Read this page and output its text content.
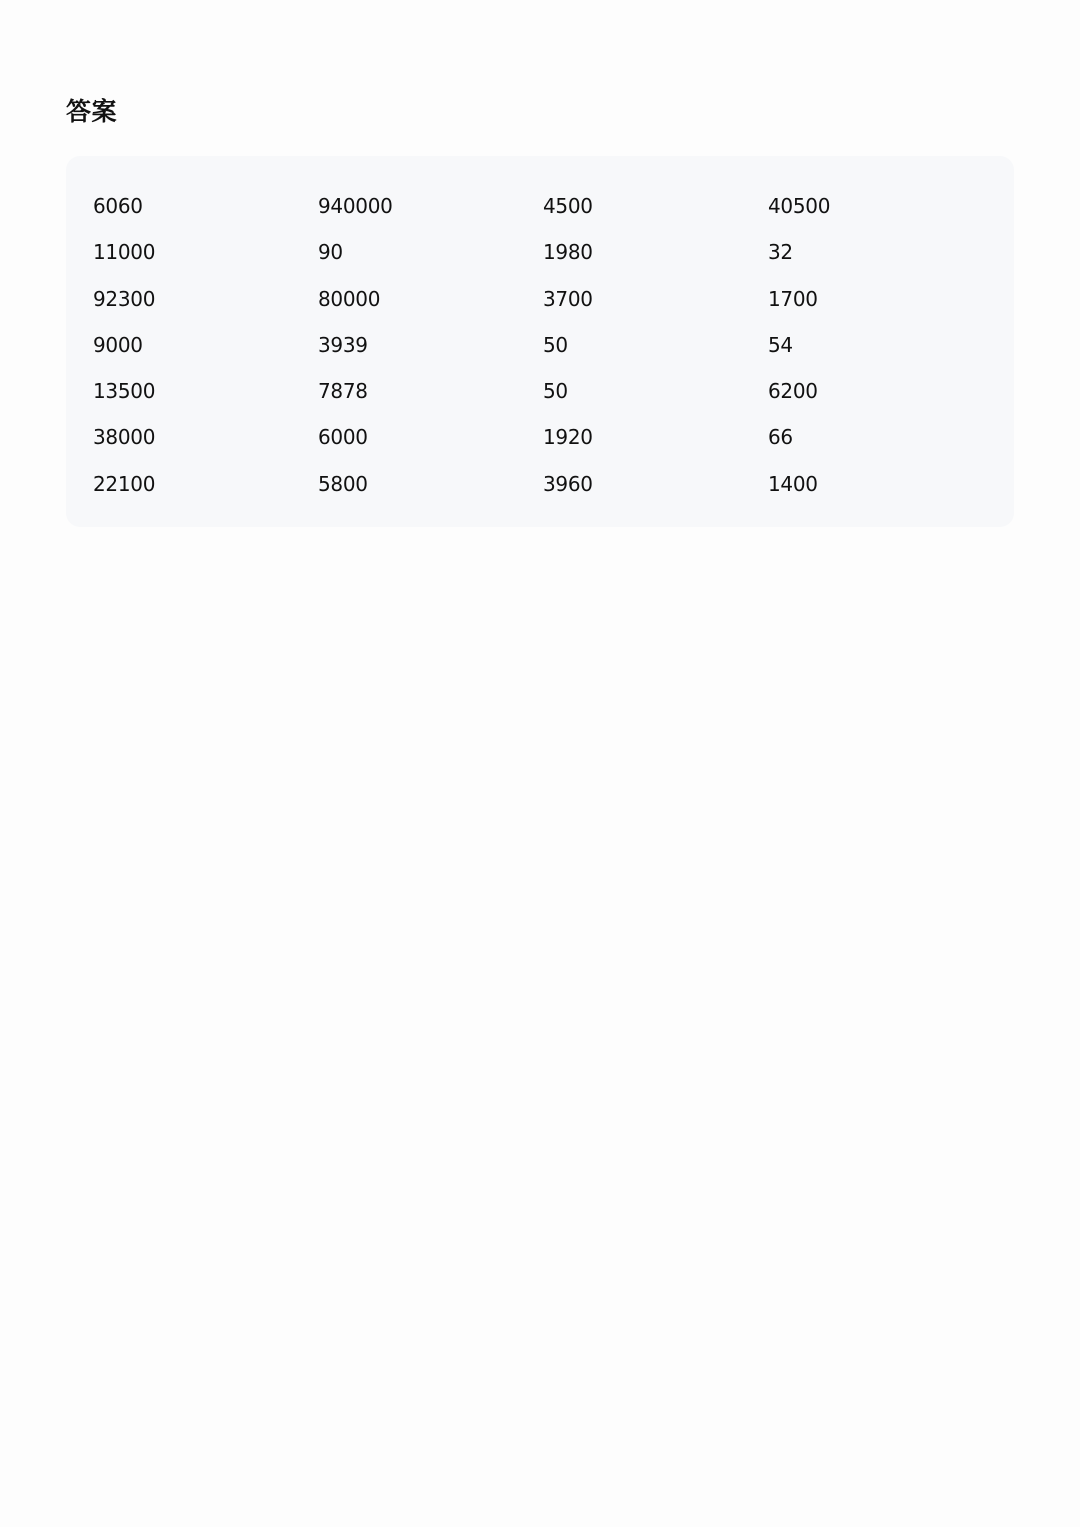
答案
6060	940000	4500	40500
11000	90	1980	32
92300	80000	3700	1700
9000	3939	50	54
13500	7878	50	6200
38000	6000	1920	66
22100	5800	3960	1400
